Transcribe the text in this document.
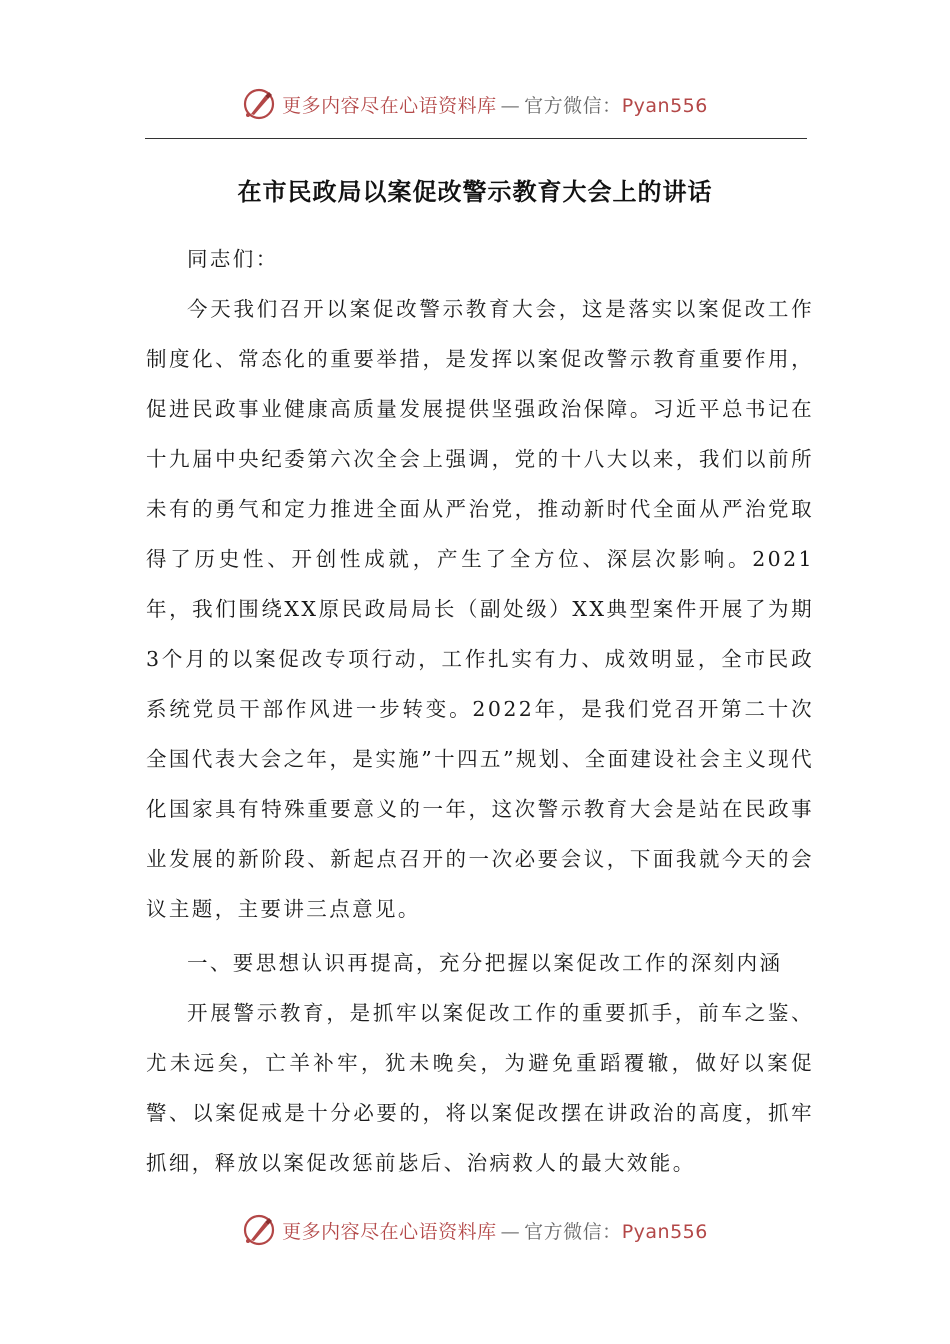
更多内容尽在心语资料库 — 官方微信：Pyan556
在市民政局以案促改警示教育大会上的讲话

同志们：

今天我们召开以案促改警示教育大会，这是落实以案促改工作制度化、常态化的重要举措，是发挥以案促改警示教育重要作用，促进民政事业健康高质量发展提供坚强政治保障。习近平总书记在十九届中央纪委第六次全会上强调，党的十八大以来，我们以前所未有的勇气和定力推进全面从严治党，推动新时代全面从严治党取得了历史性、开创性成就，产生了全方位、深层次影响。2021年，我们围绕XX原民政局局长（副处级）XX典型案件开展了为期3个月的以案促改专项行动，工作扎实有力、成效明显，全市民政系统党员干部作风进一步转变。2022年，是我们党召开第二十次全国代表大会之年，是实施”十四五”规划、全面建设社会主义现代化国家具有特殊重要意义的一年，这次警示教育大会是站在民政事业发展的新阶段、新起点召开的一次必要会议，下面我就今天的会议主题，主要讲三点意见。

一、要思想认识再提高，充分把握以案促改工作的深刻内涵

开展警示教育，是抓牢以案促改工作的重要抓手，前车之鉴、尤未远矣，亡羊补牢，犹未晚矣，为避免重蹈覆辙，做好以案促警、以案促戒是十分必要的，将以案促改摆在讲政治的高度，抓牢抓细，释放以案促改惩前毖后、治病救人的最大效能。

更多内容尽在心语资料库 — 官方微信：Pyan556
